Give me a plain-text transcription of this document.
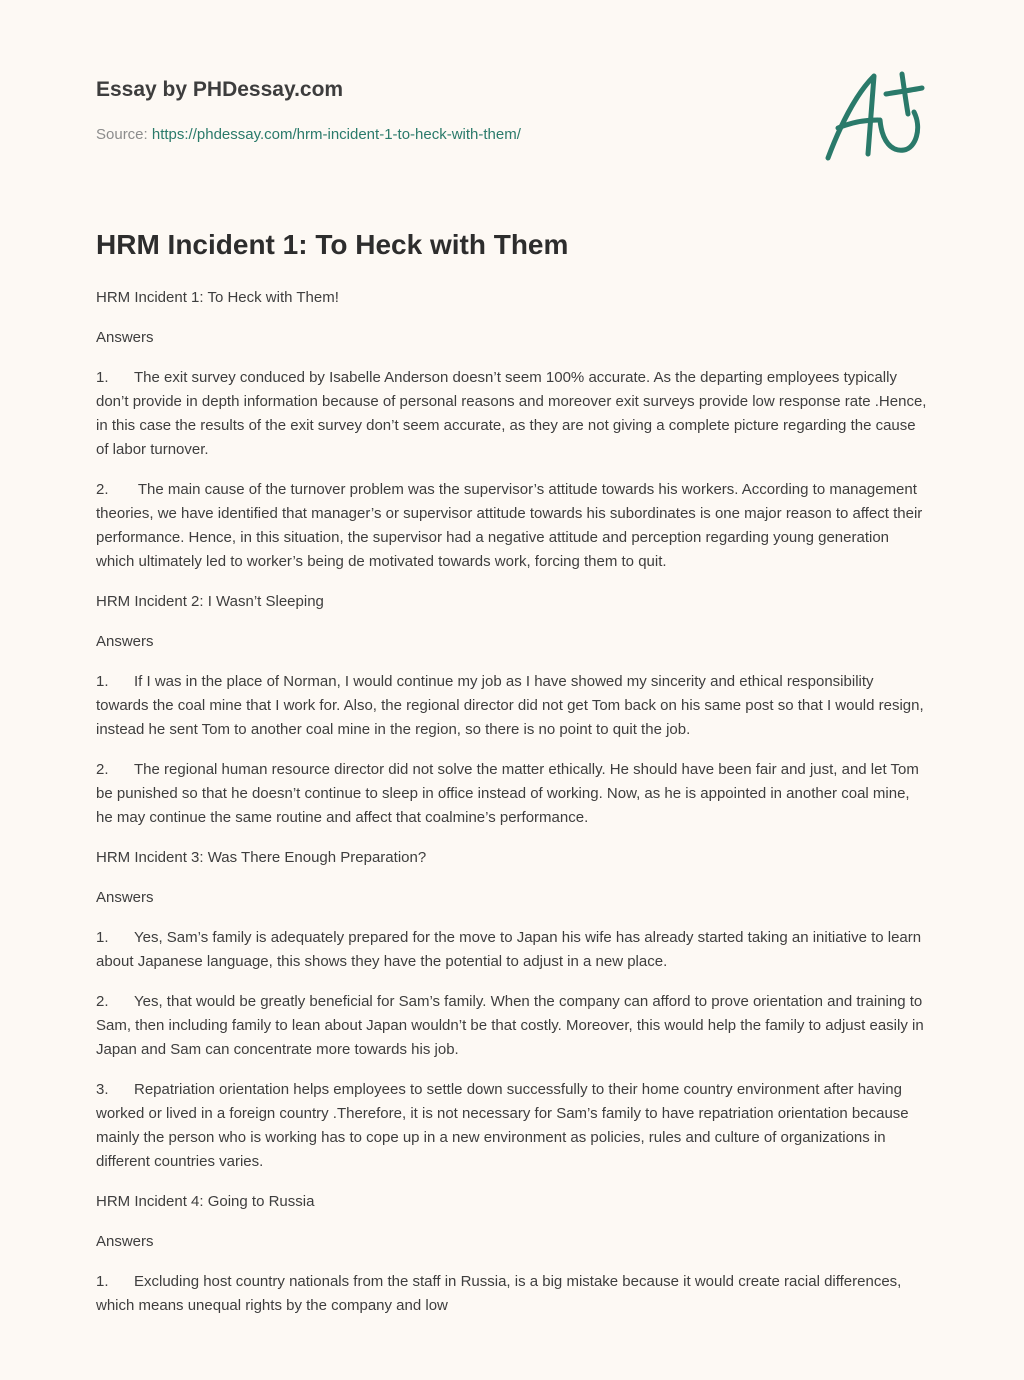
Essay by PHDessay.com

Source: https://phdessay.com/hrm-incident-1-to-heck-with-them/
HRM Incident 1: To Heck with Them

HRM Incident 1: To Heck with Them!

Answers

1. The exit survey conduced by Isabelle Anderson doesn’t seem 100% accurate. As the departing employees typically don’t provide in depth information because of personal reasons and moreover exit surveys provide low response rate .Hence, in this case the results of the exit survey don’t seem accurate, as they are not giving a complete picture regarding the cause of labor turnover.

2. The main cause of the turnover problem was the supervisor’s attitude towards his workers. According to management theories, we have identified that manager’s or supervisor attitude towards his subordinates is one major reason to affect their performance. Hence, in this situation, the supervisor had a negative attitude and perception regarding young generation which ultimately led to worker’s being de motivated towards work, forcing them to quit.

HRM Incident 2: I Wasn’t Sleeping

Answers

1. If I was in the place of Norman, I would continue my job as I have showed my sincerity and ethical responsibility towards the coal mine that I work for. Also, the regional director did not get Tom back on his same post so that I would resign, instead he sent Tom to another coal mine in the region, so there is no point to quit the job.

2. The regional human resource director did not solve the matter ethically. He should have been fair and just, and let Tom be punished so that he doesn’t continue to sleep in office instead of working. Now, as he is appointed in another coal mine, he may continue the same routine and affect that coalmine’s performance.

HRM Incident 3: Was There Enough Preparation?

Answers

1. Yes, Sam’s family is adequately prepared for the move to Japan his wife has already started taking an initiative to learn about Japanese language, this shows they have the potential to adjust in a new place.

2. Yes, that would be greatly beneficial for Sam’s family. When the company can afford to prove orientation and training to Sam, then including family to lean about Japan wouldn’t be that costly. Moreover, this would help the family to adjust easily in Japan and Sam can concentrate more towards his job.

3. Repatriation orientation helps employees to settle down successfully to their home country environment after having worked or lived in a foreign country .Therefore, it is not necessary for Sam’s family to have repatriation orientation because mainly the person who is working has to cope up in a new environment as policies, rules and culture of organizations in different countries varies.

HRM Incident 4: Going to Russia

Answers

1. Excluding host country nationals from the staff in Russia, is a big mistake because it would create racial differences, which means unequal rights by the company and low
